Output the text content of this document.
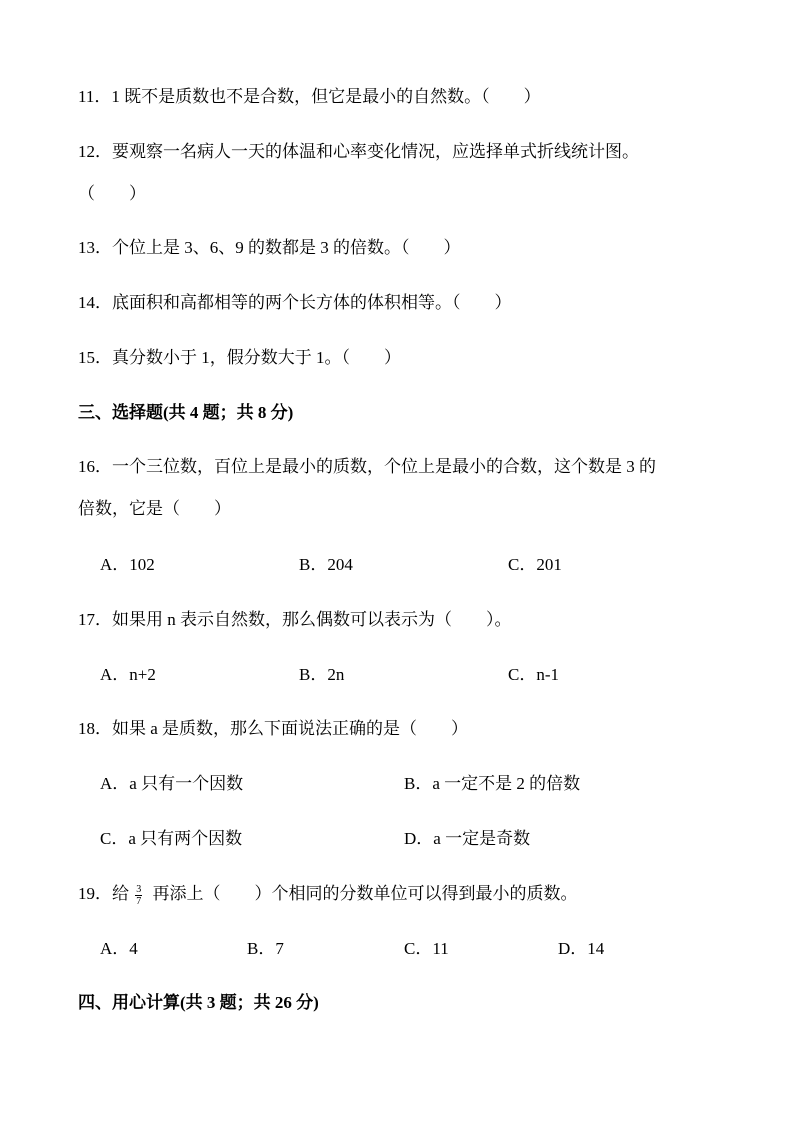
11．1 既不是质数也不是合数，但它是最小的自然数。（　　）
12．要观察一名病人一天的体温和心率变化情况，应选择单式折线统计图。
（　　）
13．个位上是 3、6、9 的数都是 3 的倍数。（　　）
14．底面积和高都相等的两个长方体的体积相等。（　　）
15．真分数小于 1，假分数大于 1。（　　）
三、选择题(共 4 题；共 8 分)
16．一个三位数，百位上是最小的质数，个位上是最小的合数，这个数是 3 的
倍数，它是（　　）
A．102	B．204	C．201
17．如果用 n 表示自然数，那么偶数可以表示为（　　）。
A．n+2	B．2n	C．n-1
18．如果 a 是质数，那么下面说法正确的是（　　）
A．a 只有一个因数	B．a 一定不是 2 的倍数
C．a 只有两个因数	D．a 一定是奇数
19．给 $\frac{3}{7}$ 再添上（　　）个相同的分数单位可以得到最小的质数。
A．4	B．7	C．11	D．14
四、用心计算(共 3 题；共 26 分)
